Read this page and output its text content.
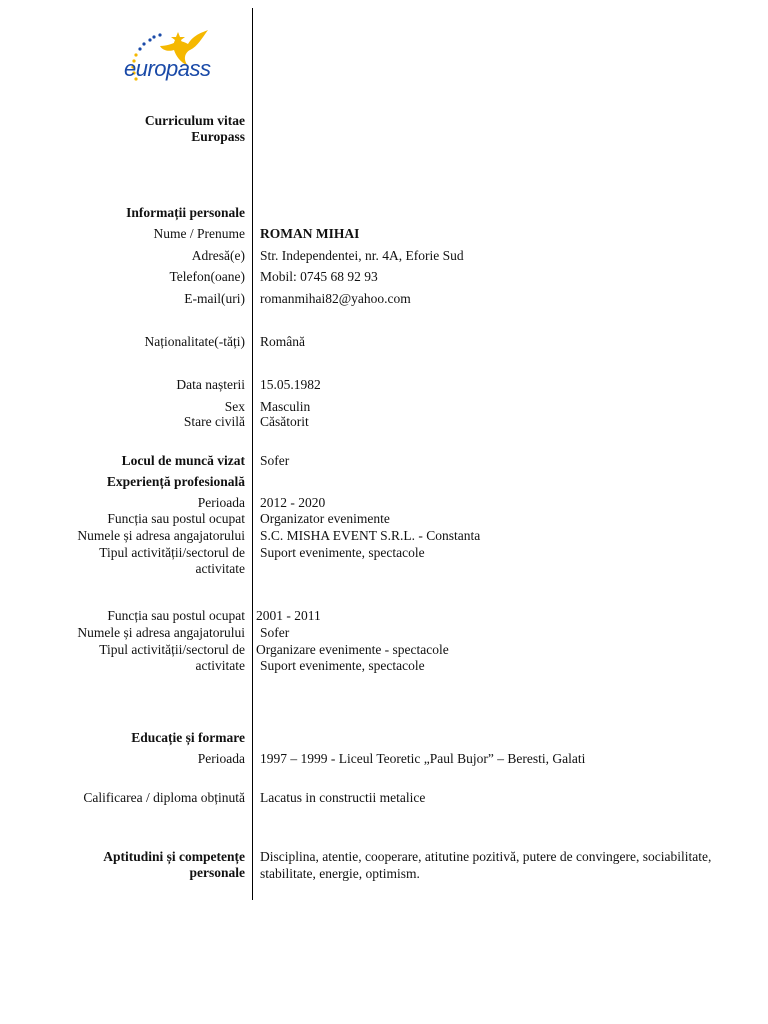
europass
Curriculum vitae
Europass
Informații personale
Nume / Prenume ROMAN MIHAI
Adresă(e) Str. Independentei, nr. 4A, Eforie Sud
Telefon(oane) Mobil: 0745 68 92 93
E-mail(uri) romanmihai82@yahoo.com
Naționalitate(-tăți) Română
Data nașterii 15.05.1982
Sex Masculin
Stare civilă Căsătorit
Locul de muncă vizat Sofer
Experiență profesională
Perioada 2012 - 2020
Funcția sau postul ocupat Organizator evenimente
Numele și adresa angajatorului S.C. MISHA EVENT S.R.L. - Constanta
Tipul activității/sectorul de Suport evenimente, spectacole
activitate
Funcția sau postul ocupat 2001 - 2011
Numele și adresa angajatorului Sofer
Tipul activității/sectorul de Organizare evenimente - spectacole
activitate Suport evenimente, spectacole
Educație și formare
Perioada 1997 – 1999 - Liceul Teoretic „Paul Bujor” – Beresti, Galati
Calificarea / diploma obținută Lacatus in constructii metalice
Aptitudini și competențe
personale
Disciplina, atentie, cooperare, atitutine pozitivă, putere de convingere, sociabilitate, stabilitate, energie, optimism.
